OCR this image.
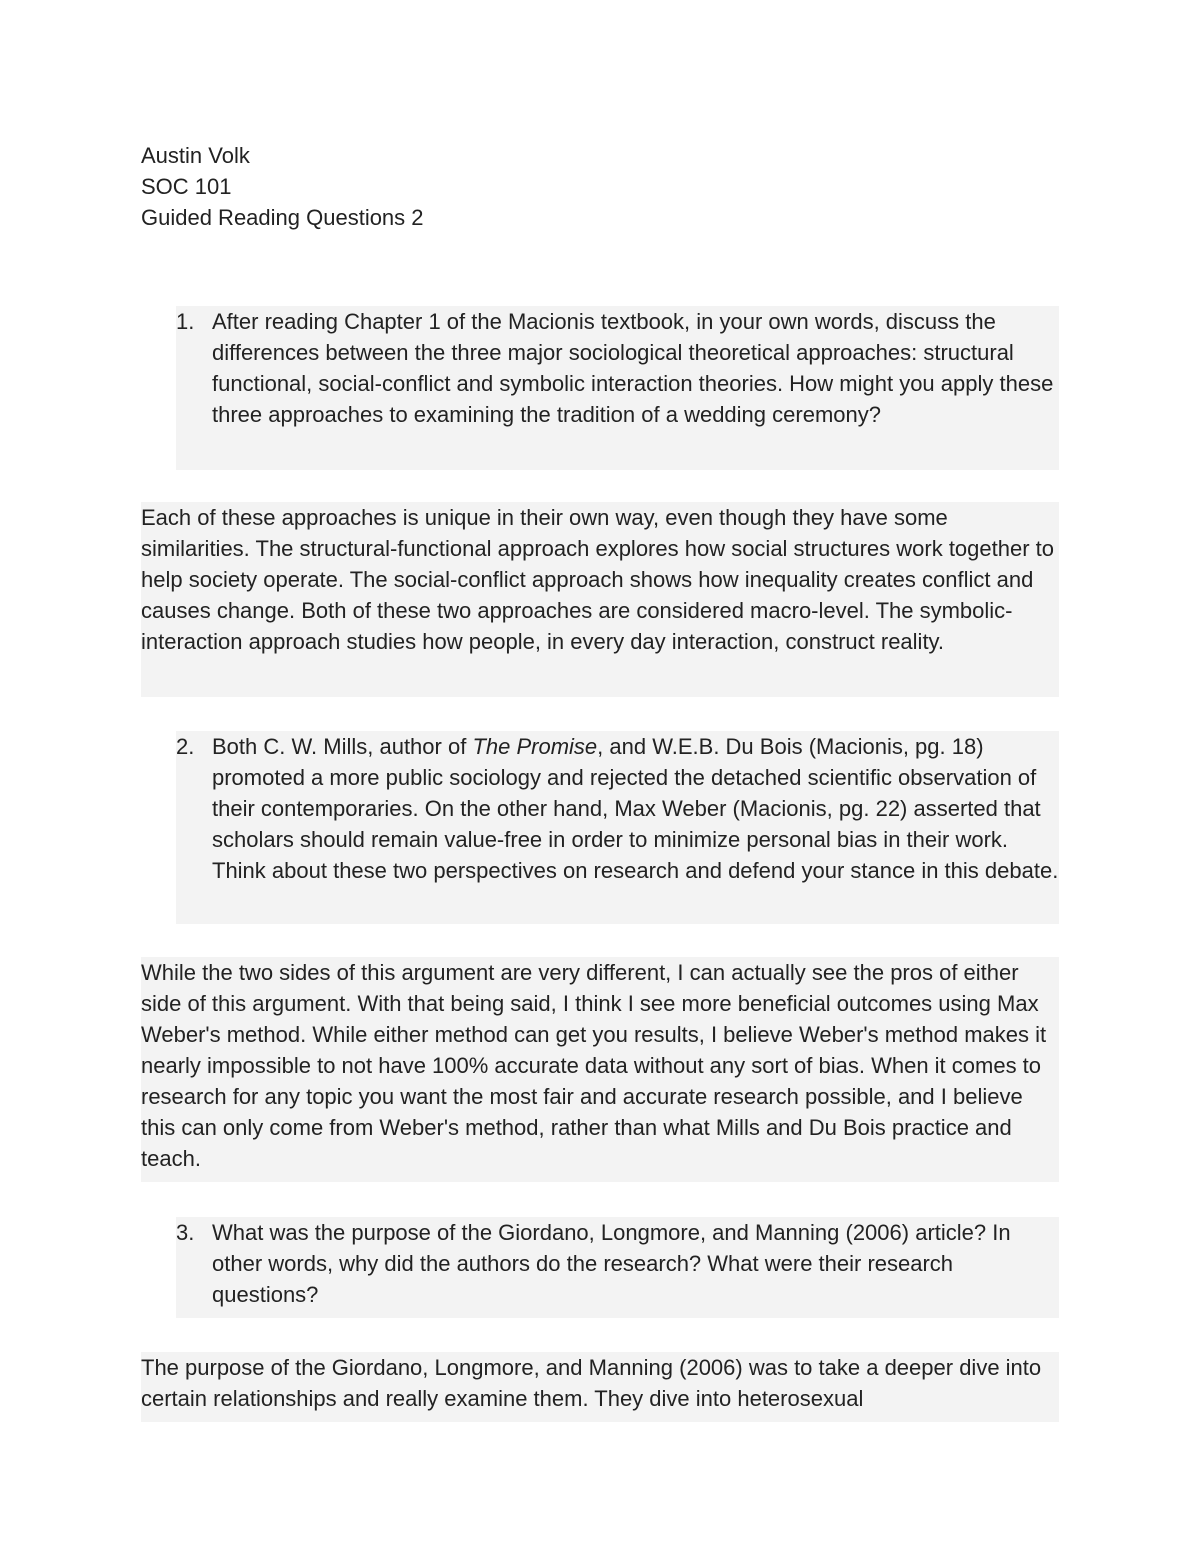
Austin Volk
SOC 101
Guided Reading Questions 2
1. After reading Chapter 1 of the Macionis textbook, in your own words, discuss the differences between the three major sociological theoretical approaches: structural functional, social-conflict and symbolic interaction theories. How might you apply these three approaches to examining the tradition of a wedding ceremony?
Each of these approaches is unique in their own way, even though they have some similarities. The structural-functional approach explores how social structures work together to help society operate. The social-conflict approach shows how inequality creates conflict and causes change. Both of these two approaches are considered macro-level. The symbolic-interaction approach studies how people, in every day interaction, construct reality.
2. Both C. W. Mills, author of The Promise, and W.E.B. Du Bois (Macionis, pg. 18) promoted a more public sociology and rejected the detached scientific observation of their contemporaries. On the other hand, Max Weber (Macionis, pg. 22) asserted that scholars should remain value-free in order to minimize personal bias in their work. Think about these two perspectives on research and defend your stance in this debate.
While the two sides of this argument are very different, I can actually see the pros of either side of this argument. With that being said, I think I see more beneficial outcomes using Max Weber's method. While either method can get you results, I believe Weber's method makes it nearly impossible to not have 100% accurate data without any sort of bias. When it comes to research for any topic you want the most fair and accurate research possible, and I believe this can only come from Weber's method, rather than what Mills and Du Bois practice and teach.
3. What was the purpose of the Giordano, Longmore, and Manning (2006) article? In other words, why did the authors do the research? What were their research questions?
The purpose of the Giordano, Longmore, and Manning (2006) was to take a deeper dive into certain relationships and really examine them. They dive into heterosexual
